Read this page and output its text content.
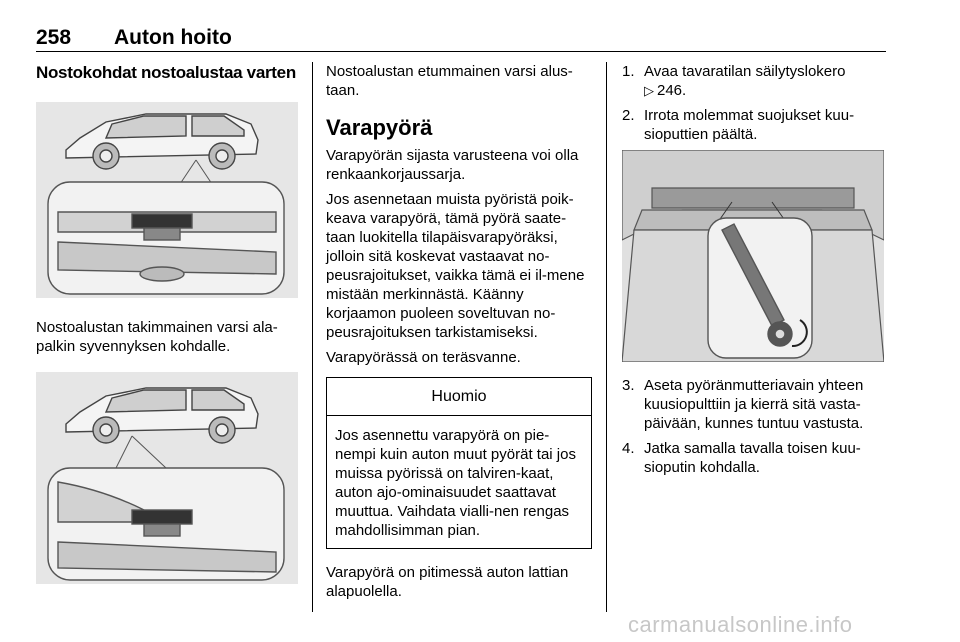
258 Auton hoito
Nostokohdat nostoalustaa varten
Nostoalustan takimmainen varsi ala-palkin syvennyksen kohdalle.
Nostoalustan etummainen varsi alus-taan.
Varapyörä
Varapyörän sijasta varusteena voi olla renkaankorjaussarja.
Jos asennetaan muista pyöristä poik-keava varapyörä, tämä pyörä saate-taan luokitella tilapäisvarapyöräksi, jolloin sitä koskevat vastaavat no-peusrajoitukset, vaikka tämä ei il-mene mistään merkinnästä. Käänny korjaamon puoleen soveltuvan no-peusrajoituksen tarkistamiseksi.
Varapyörässä on teräsvanne.
Huomio
Jos asennettu varapyörä on pie-nempi kuin auton muut pyörät tai jos muissa pyörissä on talviren-kaat, auton ajo-ominaisuudet saattavat muuttua. Vaihdata vialli-nen rengas mahdollisimman pian.
Varapyörä on pitimessä auton lattian alapuolella.
1. Avaa tavaratilan säilytyslokero
▷ 246.
2. Irrota molemmat suojukset kuu-sioputtien päältä.
3. Aseta pyöränmutteriavain yhteen kuusiopulttiin ja kierrä sitä vasta-päivään, kunnes tuntuu vastusta.
4. Jatka samalla tavalla toisen kuu-sioputin kohdalla.
carmanualsonline.info
